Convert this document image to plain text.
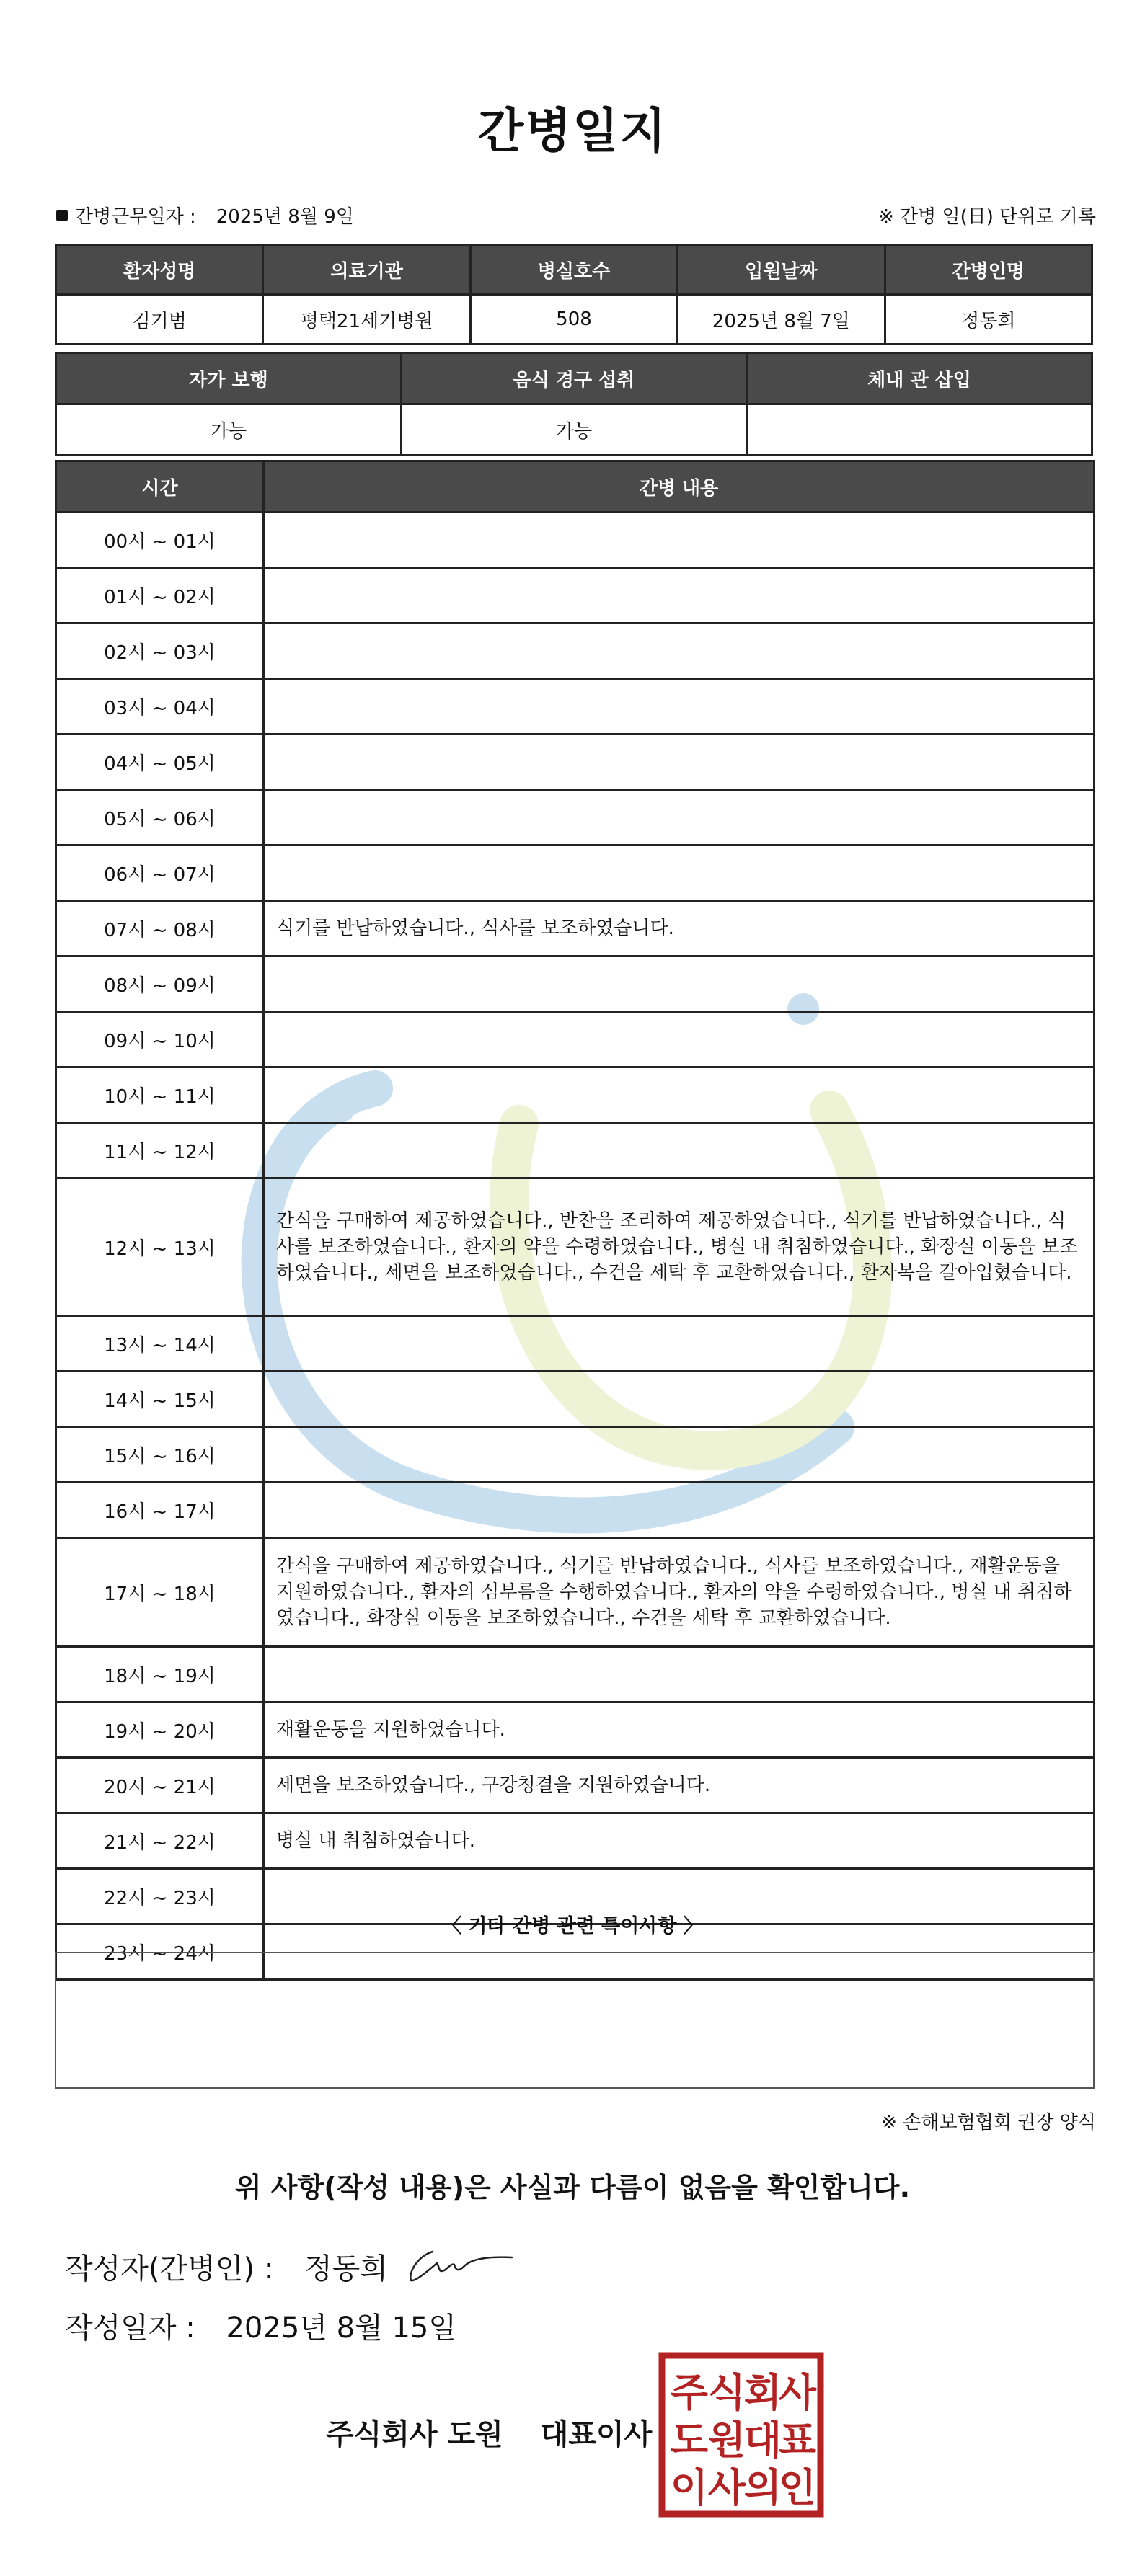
간병일지
간병근무일자 : 2025년 8월 9일	※ 간병 일(日) 단위로 기록
환자성명	의료기관	병실호수	입원날짜	간병인명
김기범	평택21세기병원	508	2025년 8월 7일	정동희
자가 보행	음식 경구 섭취	체내 관 삽입
가능	가능	
시간	간병 내용
00시 ~ 01시	
01시 ~ 02시	
02시 ~ 03시	
03시 ~ 04시	
04시 ~ 05시	
05시 ~ 06시	
06시 ~ 07시	
07시 ~ 08시	식기를 반납하였습니다., 식사를 보조하였습니다.
08시 ~ 09시	
09시 ~ 10시	
10시 ~ 11시	
11시 ~ 12시	
12시 ~ 13시	간식을 구매하여 제공하였습니다., 반찬을 조리하여 제공하였습니다., 식기를 반납하였습니다., 식사를 보조하였습니다., 환자의 약을 수령하였습니다., 병실 내 취침하였습니다., 화장실 이동을 보조하였습니다., 세면을 보조하였습니다., 수건을 세탁 후 교환하였습니다., 환자복을 갈아입혔습니다.
13시 ~ 14시	
14시 ~ 15시	
15시 ~ 16시	
16시 ~ 17시	
17시 ~ 18시	간식을 구매하여 제공하였습니다., 식기를 반납하였습니다., 식사를 보조하였습니다., 재활운동을 지원하였습니다., 환자의 심부름을 수행하였습니다., 환자의 약을 수령하였습니다., 병실 내 취침하였습니다., 화장실 이동을 보조하였습니다., 수건을 세탁 후 교환하였습니다.
18시 ~ 19시	
19시 ~ 20시	재활운동을 지원하였습니다.
20시 ~ 21시	세면을 보조하였습니다., 구강청결을 지원하였습니다.
21시 ~ 22시	병실 내 취침하였습니다.
22시 ~ 23시	
23시 ~ 24시	
〈 기타 간병 관련 특이사항 〉
※ 손해보험협회 권장 양식
위 사항(작성 내용)은 사실과 다름이 없음을 확인합니다.
작성자(간병인) : 정동희
작성일자 : 2025년 8월 15일
주식회사 도원 대표이사
주 식
회
사
도 원
대
표
이 사
의
인
